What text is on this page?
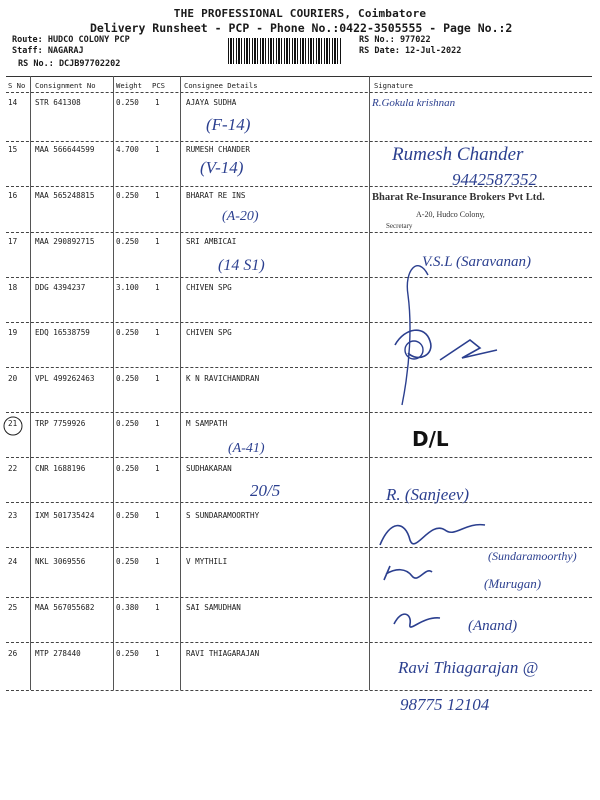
THE PROFESSIONAL COURIERS, Coimbatore
Delivery Runsheet - PCP - Phone No.:0422-3505555 - Page No.:2
Route: HUDCO COLONY PCP
Staff: NAGARAJ
RS No.: DCJB97702202
RS No.: 977022
RS Date: 12-Jul-2022
S No Consignment No	Weight PCS	Consignee Details	Signature
14 STR 641308	0.250 1	AJAYA SUDHA
15 MAA 566644599	4.700 1	RUMESH CHANDER
16 MAA 565248815	0.250 1	BHARAT RE INS
17 MAA 290892715	0.250 1	SRI AMBICAI
18 DDG 4394237	3.100 1	CHIVEN SPG
19 EDQ 16538759	0.250 1	CHIVEN SPG
20 VPL 499262463	0.250 1	K N RAVICHANDRAN
21 TRP 7759926	0.250 1	M SAMPATH
22 CNR 1688196	0.250 1	SUDHAKARAN
23 IXM 501735424	0.250 1	S SUNDARAMOORTHY
24 NKL 3069556	0.250 1	V MYTHILI
25 MAA 567055682	0.380 1	SAI SAMUDHAN
26 MTP 278440	0.250 1	RAVI THIAGARAJAN
R.Gokula krishnan
(F-14)
(V-14)
Rumesh Chander
9442587352
(A-20)
(14 S1)	V.S.L (Saravanan)
(A-41)
20/5	R. (Sanjeev)
(Sundaramoorthy)
(Murugan)
(Anand)
Ravi Thiagarajan @
98775 12104
D/L
Bharat Re-Insurance Brokers Pvt Ltd.
A-20, Hudco Colony,
Secretary
